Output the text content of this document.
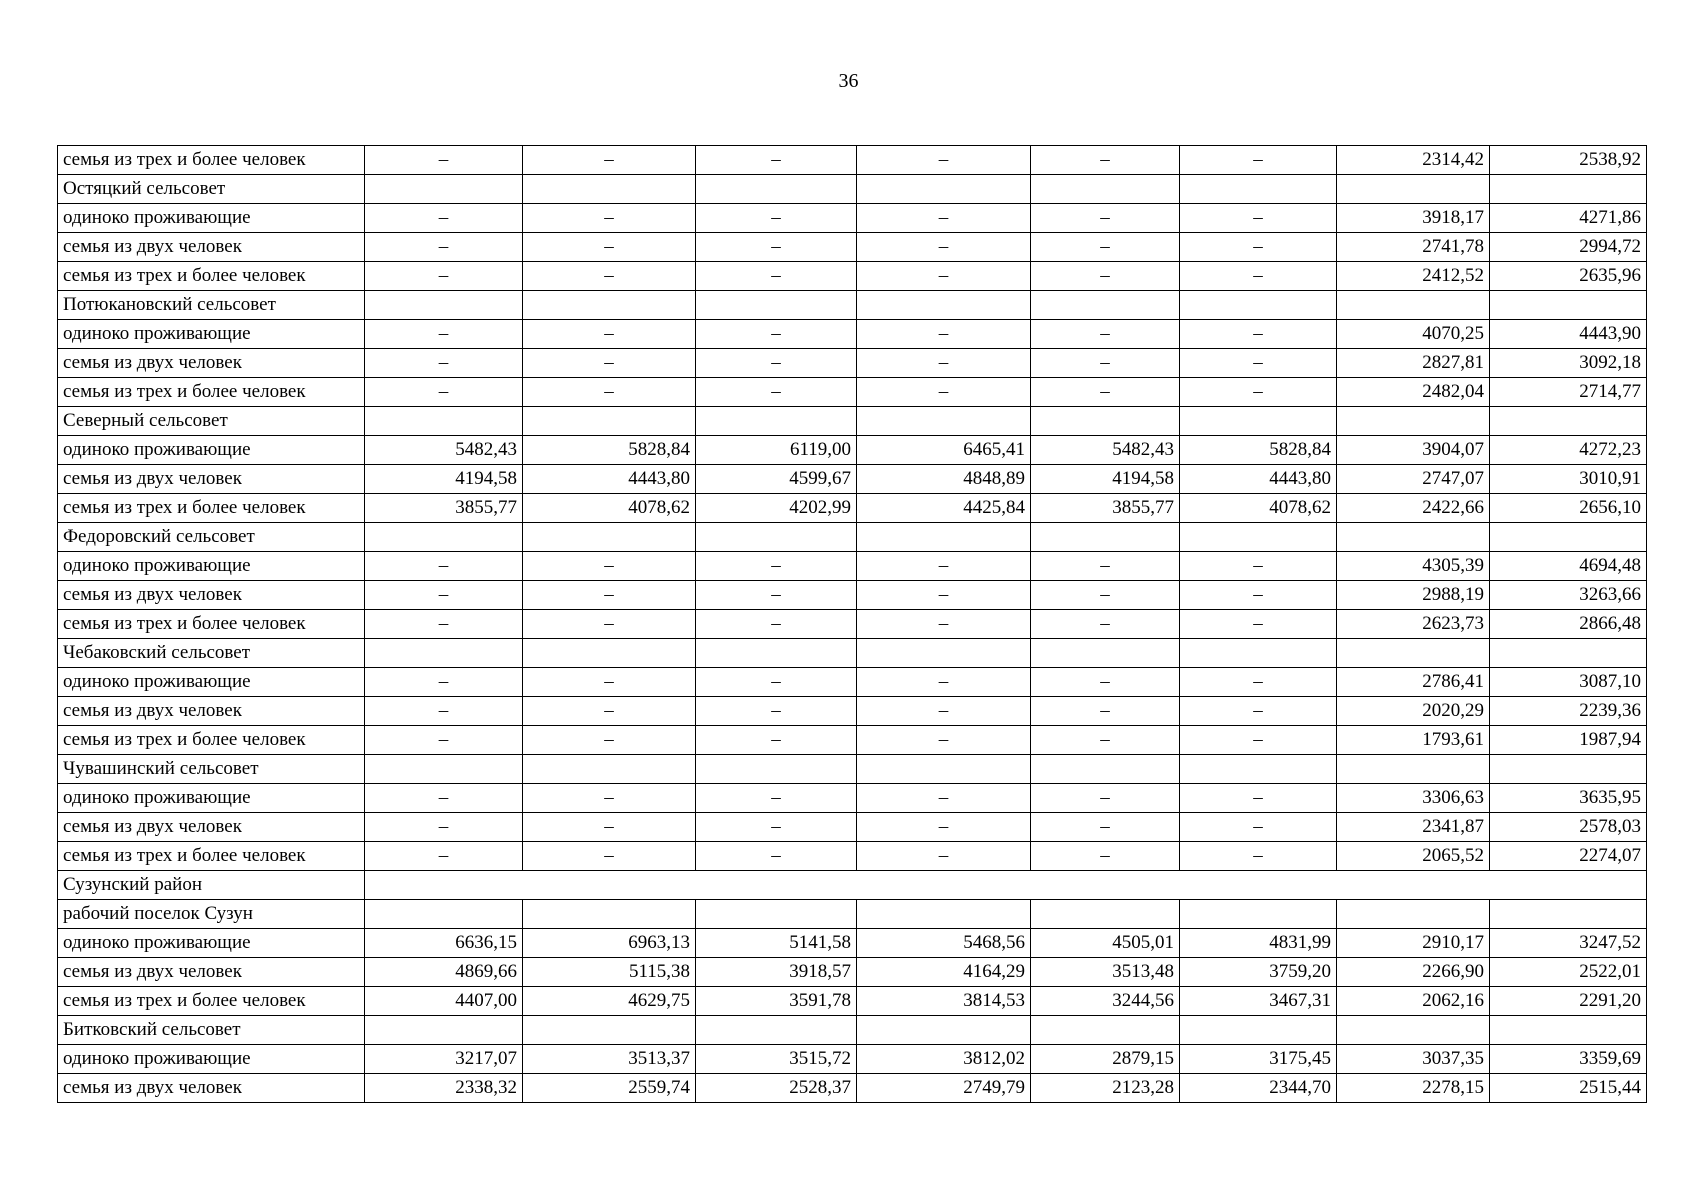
36
семья из трех и более человек	–	–	–	–	–	–	2314,42	2538,92
Остяцкий сельсовет								
одиноко проживающие	–	–	–	–	–	–	3918,17	4271,86
семья из двух человек	–	–	–	–	–	–	2741,78	2994,72
семья из трех и более человек	–	–	–	–	–	–	2412,52	2635,96
Потюкановский сельсовет								
одиноко проживающие	–	–	–	–	–	–	4070,25	4443,90
семья из двух человек	–	–	–	–	–	–	2827,81	3092,18
семья из трех и более человек	–	–	–	–	–	–	2482,04	2714,77
Северный сельсовет								
одиноко проживающие	5482,43	5828,84	6119,00	6465,41	5482,43	5828,84	3904,07	4272,23
семья из двух человек	4194,58	4443,80	4599,67	4848,89	4194,58	4443,80	2747,07	3010,91
семья из трех и более человек	3855,77	4078,62	4202,99	4425,84	3855,77	4078,62	2422,66	2656,10
Федоровский сельсовет								
одиноко проживающие	–	–	–	–	–	–	4305,39	4694,48
семья из двух человек	–	–	–	–	–	–	2988,19	3263,66
семья из трех и более человек	–	–	–	–	–	–	2623,73	2866,48
Чебаковский сельсовет								
одиноко проживающие	–	–	–	–	–	–	2786,41	3087,10
семья из двух человек	–	–	–	–	–	–	2020,29	2239,36
семья из трех и более человек	–	–	–	–	–	–	1793,61	1987,94
Чувашинский сельсовет								
одиноко проживающие	–	–	–	–	–	–	3306,63	3635,95
семья из двух человек	–	–	–	–	–	–	2341,87	2578,03
семья из трех и более человек	–	–	–	–	–	–	2065,52	2274,07
Сузунский район								
рабочий поселок Сузун								
одиноко проживающие	6636,15	6963,13	5141,58	5468,56	4505,01	4831,99	2910,17	3247,52
семья из двух человек	4869,66	5115,38	3918,57	4164,29	3513,48	3759,20	2266,90	2522,01
семья из трех и более человек	4407,00	4629,75	3591,78	3814,53	3244,56	3467,31	2062,16	2291,20
Битковский сельсовет								
одиноко проживающие	3217,07	3513,37	3515,72	3812,02	2879,15	3175,45	3037,35	3359,69
семья из двух человек	2338,32	2559,74	2528,37	2749,79	2123,28	2344,70	2278,15	2515,44
